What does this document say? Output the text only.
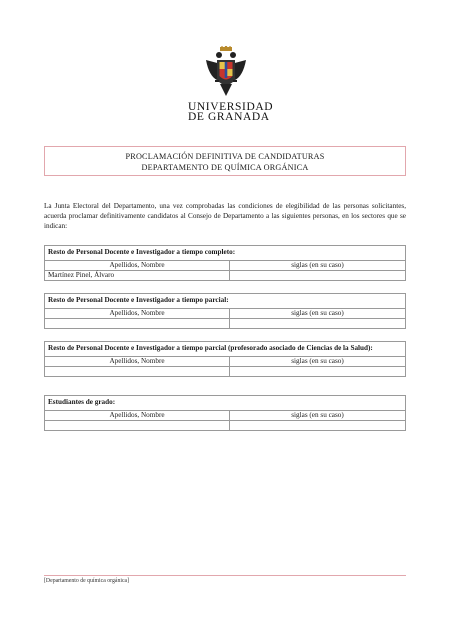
UNIVERSIDAD
DE GRANADA
PROCLAMACIÓN DEFINITIVA DE CANDIDATURAS
DEPARTAMENTO DE QUÍMICA ORGÁNICA
La Junta Electoral del Departamento, una vez comprobadas las condiciones de elegibilidad de las personas solicitantes, acuerda proclamar definitivamente candidatos al Consejo de Departamento a las siguientes personas, en los sectores que se indican:
Resto de Personal Docente e Investigador a tiempo completo:	
Apellidos, Nombre	siglas (en su caso)
Martínez Pinel, Álvaro	
Resto de Personal Docente e Investigador a tiempo parcial:	
Apellidos, Nombre	siglas (en su caso)

Resto de Personal Docente e Investigador a tiempo parcial (profesorado asociado de Ciencias de la Salud):	
Apellidos, Nombre	siglas (en su caso)

Estudiantes de grado:	
Apellidos, Nombre	siglas (en su caso)

[Departamento de química orgánica]
